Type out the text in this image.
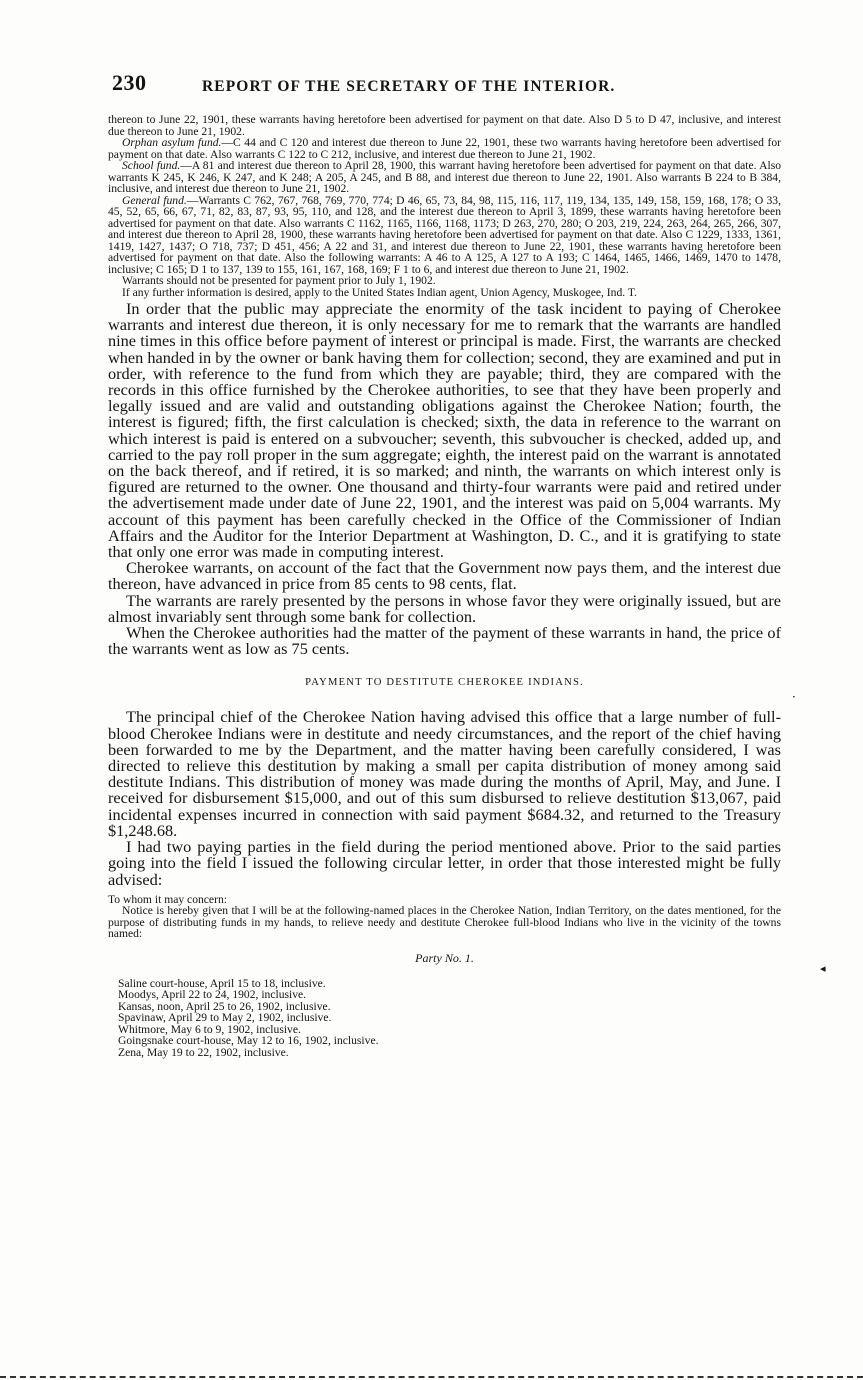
230	REPORT OF THE SECRETARY OF THE INTERIOR.

thereon to June 22, 1901, these warrants having heretofore been advertised for payment on that date. Also D 5 to D 47, inclusive, and interest due thereon to June 21, 1902.

Orphan asylum fund.—C 44 and C 120 and interest due thereon to June 22, 1901, these two warrants having heretofore been advertised for payment on that date. Also warrants C 122 to C 212, inclusive, and interest due thereon to June 21, 1902.

School fund.—A 81 and interest due thereon to April 28, 1900, this warrant having heretofore been advertised for payment on that date. Also warrants K 245, K 246, K 247, and K 248; A 205, A 245, and B 88, and interest due thereon to June 22, 1901. Also warrants B 224 to B 384, inclusive, and interest due thereon to June 21, 1902.

General fund.—Warrants C 762, 767, 768, 769, 770, 774; D 46, 65, 73, 84, 98, 115, 116, 117, 119, 134, 135, 149, 158, 159, 168, 178; O 33, 45, 52, 65, 66, 67, 71, 82, 83, 87, 93, 95, 110, and 128, and the interest due thereon to April 3, 1899, these warrants having heretofore been advertised for payment on that date. Also warrants C 1162, 1165, 1166, 1168, 1173; D 263, 270, 280; O 203, 219, 224, 263, 264, 265, 266, 307, and interest due thereon to April 28, 1900, these warrants having heretofore been advertised for payment on that date. Also C 1229, 1333, 1361, 1419, 1427, 1437; O 718, 737; D 451, 456; A 22 and 31, and interest due thereon to June 22, 1901, these warrants having heretofore been advertised for payment on that date. Also the following warrants: A 46 to A 125, A 127 to A 193; C 1464, 1465, 1466, 1469, 1470 to 1478, inclusive; C 165; D 1 to 137, 139 to 155, 161, 167, 168, 169; F 1 to 6, and interest due thereon to June 21, 1902.

Warrants should not be presented for payment prior to July 1, 1902.

If any further information is desired, apply to the United States Indian agent, Union Agency, Muskogee, Ind. T.

In order that the public may appreciate the enormity of the task incident to paying of Cherokee warrants and interest due thereon, it is only necessary for me to remark that the warrants are handled nine times in this office before payment of interest or principal is made. First, the warrants are checked when handed in by the owner or bank having them for collection; second, they are examined and put in order, with reference to the fund from which they are payable; third, they are compared with the records in this office furnished by the Cherokee authorities, to see that they have been properly and legally issued and are valid and outstanding obligations against the Cherokee Nation; fourth, the interest is figured; fifth, the first calculation is checked; sixth, the data in reference to the warrant on which interest is paid is entered on a subvoucher; seventh, this subvoucher is checked, added up, and carried to the pay roll proper in the sum aggregate; eighth, the interest paid on the warrant is annotated on the back thereof, and if retired, it is so marked; and ninth, the warrants on which interest only is figured are returned to the owner. One thousand and thirty-four warrants were paid and retired under the advertisement made under date of June 22, 1901, and the interest was paid on 5,004 warrants. My account of this payment has been carefully checked in the Office of the Commissioner of Indian Affairs and the Auditor for the Interior Department at Washington, D. C., and it is gratifying to state that only one error was made in computing interest.

Cherokee warrants, on account of the fact that the Government now pays them, and the interest due thereon, have advanced in price from 85 cents to 98 cents, flat.

The warrants are rarely presented by the persons in whose favor they were originally issued, but are almost invariably sent through some bank for collection.

When the Cherokee authorities had the matter of the payment of these warrants in hand, the price of the warrants went as low as 75 cents.

PAYMENT TO DESTITUTE CHEROKEE INDIANS.

The principal chief of the Cherokee Nation having advised this office that a large number of full-blood Cherokee Indians were in destitute and needy circumstances, and the report of the chief having been forwarded to me by the Department, and the matter having been carefully considered, I was directed to relieve this destitution by making a small per capita distribution of money among said destitute Indians. This distribution of money was made during the months of April, May, and June. I received for disbursement $15,000, and out of this sum disbursed to relieve destitution $13,067, paid incidental expenses incurred in connection with said payment $684.32, and returned to the Treasury $1,248.68.

I had two paying parties in the field during the period mentioned above. Prior to the said parties going into the field I issued the following circular letter, in order that those interested might be fully advised:

To whom it may concern:

Notice is hereby given that I will be at the following-named places in the Cherokee Nation, Indian Territory, on the dates mentioned, for the purpose of distributing funds in my hands, to relieve needy and destitute Cherokee full-blood Indians who live in the vicinity of the towns named:

Party No. 1.
Saline court-house, April 15 to 18, inclusive.
Moodys, April 22 to 24, 1902, inclusive.
Kansas, noon, April 25 to 26, 1902, inclusive.
Spavinaw, April 29 to May 2, 1902, inclusive.
Whitmore, May 6 to 9, 1902, inclusive.
Goingsnake court-house, May 12 to 16, 1902, inclusive.
Zena, May 19 to 22, 1902, inclusive.
·
◂
